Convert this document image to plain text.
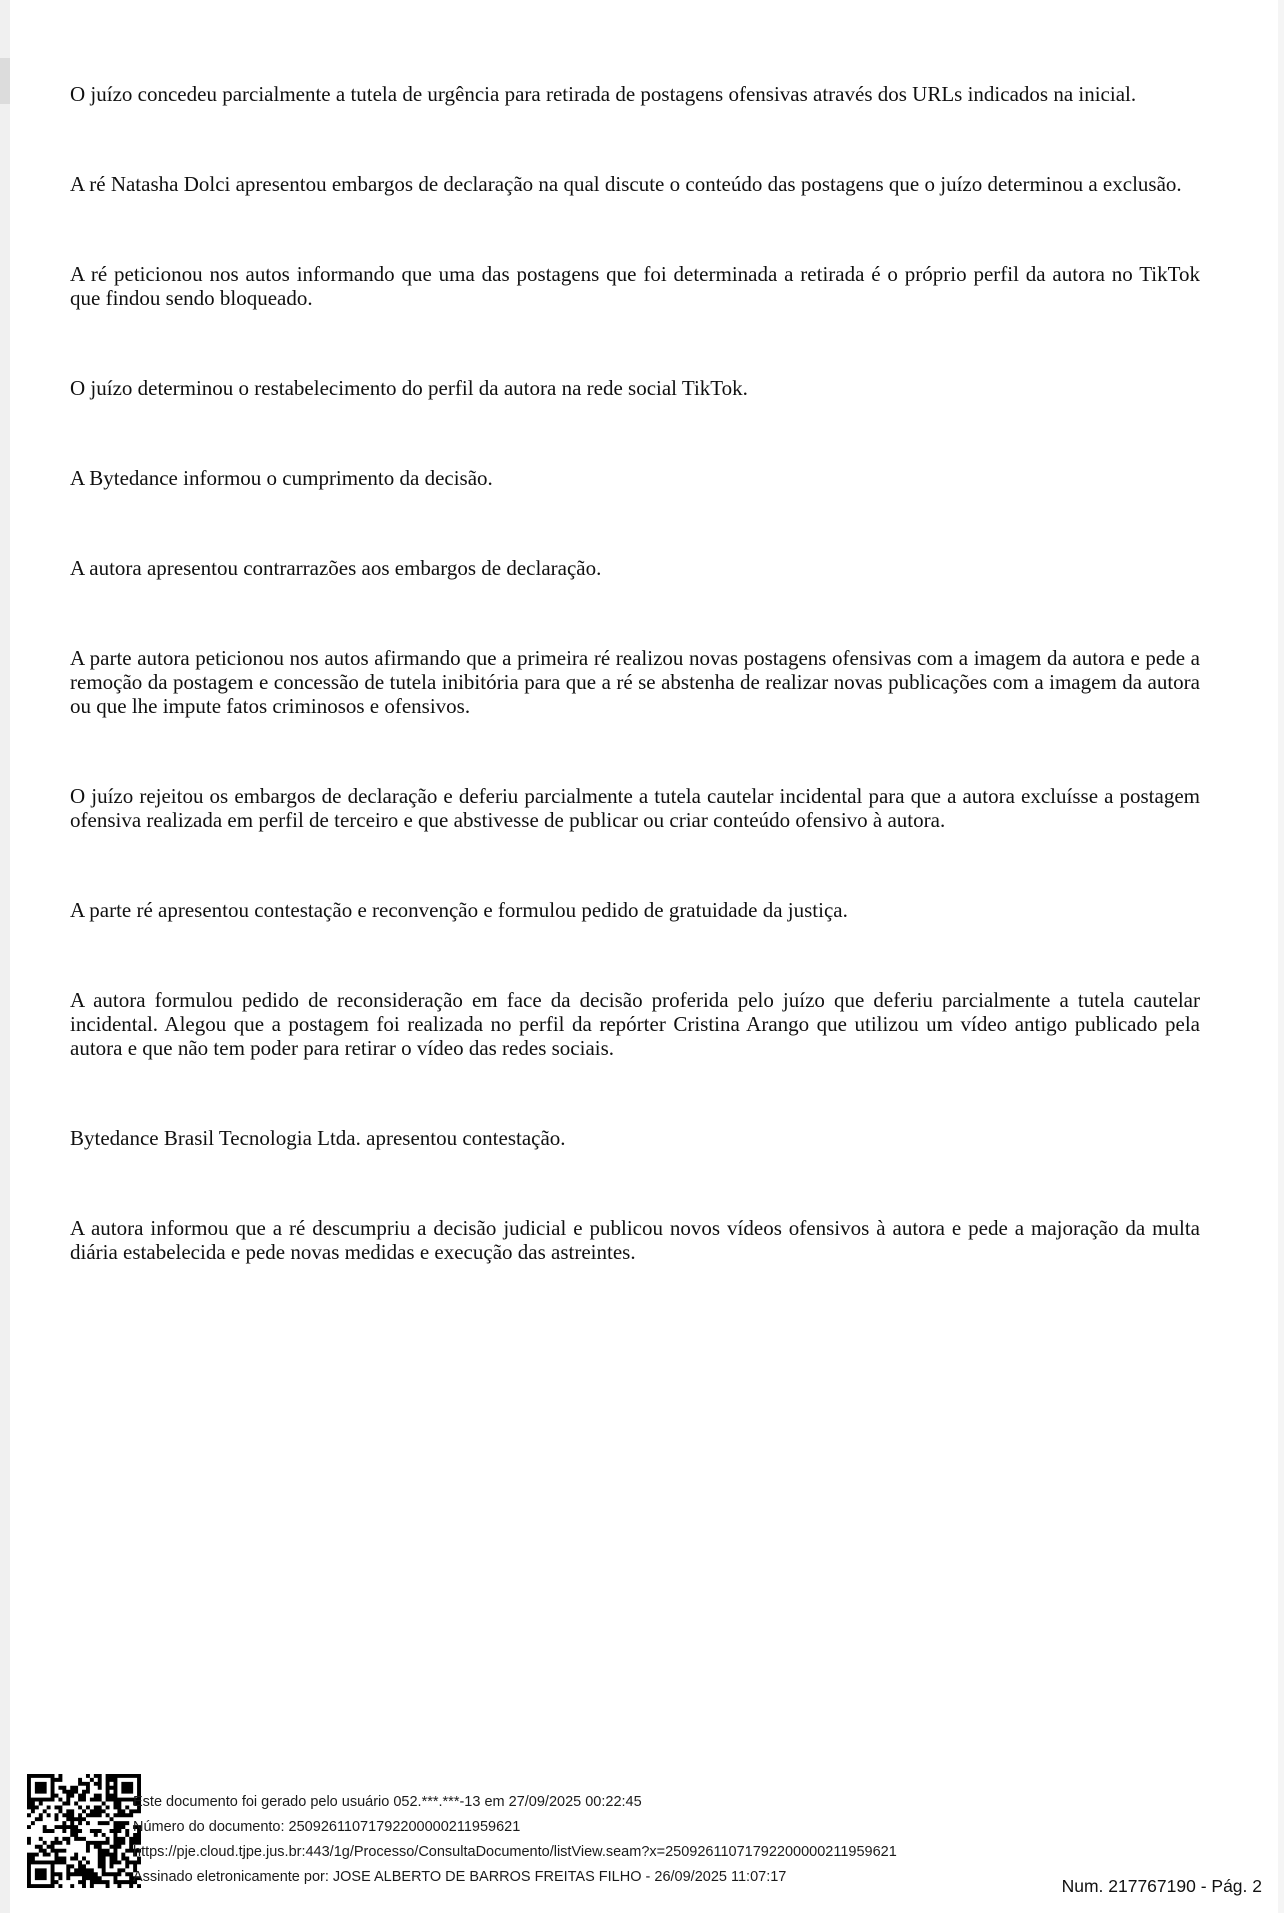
O juízo concedeu parcialmente a tutela de urgência para retirada de postagens ofensivas através dos URLs indicados na inicial.

A ré Natasha Dolci apresentou embargos de declaração na qual discute o conteúdo das postagens que o juízo determinou a exclusão.

A ré peticionou nos autos informando que uma das postagens que foi determinada a retirada é o próprio perfil da autora no TikTok que findou sendo bloqueado.

O juízo determinou o restabelecimento do perfil da autora na rede social TikTok.

A Bytedance informou o cumprimento da decisão.

A autora apresentou contrarrazões aos embargos de declaração.

A parte autora peticionou nos autos afirmando que a primeira ré realizou novas postagens ofensivas com a imagem da autora e pede a remoção da postagem e concessão de tutela inibitória para que a ré se abstenha de realizar novas publicações com a imagem da autora ou que lhe impute fatos criminosos e ofensivos.

O juízo rejeitou os embargos de declaração e deferiu parcialmente a tutela cautelar incidental para que a autora excluísse a postagem ofensiva realizada em perfil de terceiro e que abstivesse de publicar ou criar conteúdo ofensivo à autora.

A parte ré apresentou contestação e reconvenção e formulou pedido de gratuidade da justiça.

A autora formulou pedido de reconsideração em face da decisão proferida pelo juízo que deferiu parcialmente a tutela cautelar incidental. Alegou que a postagem foi realizada no perfil da repórter Cristina Arango que utilizou um vídeo antigo publicado pela autora e que não tem poder para retirar o vídeo das redes sociais.

Bytedance Brasil Tecnologia Ltda. apresentou contestação.

A autora informou que a ré descumpriu a decisão judicial e publicou novos vídeos ofensivos à autora e pede a majoração da multa diária estabelecida e pede novas medidas e execução das astreintes.

Este documento foi gerado pelo usuário 052.***.***-13 em 27/09/2025 00:22:45
Número do documento: 25092611071792200000211959621
https://pje.cloud.tjpe.jus.br:443/1g/Processo/ConsultaDocumento/listView.seam?x=25092611071792200000211959621
Assinado eletronicamente por: JOSE ALBERTO DE BARROS FREITAS FILHO - 26/09/2025 11:07:17	Num. 217767190 - Pág. 2
